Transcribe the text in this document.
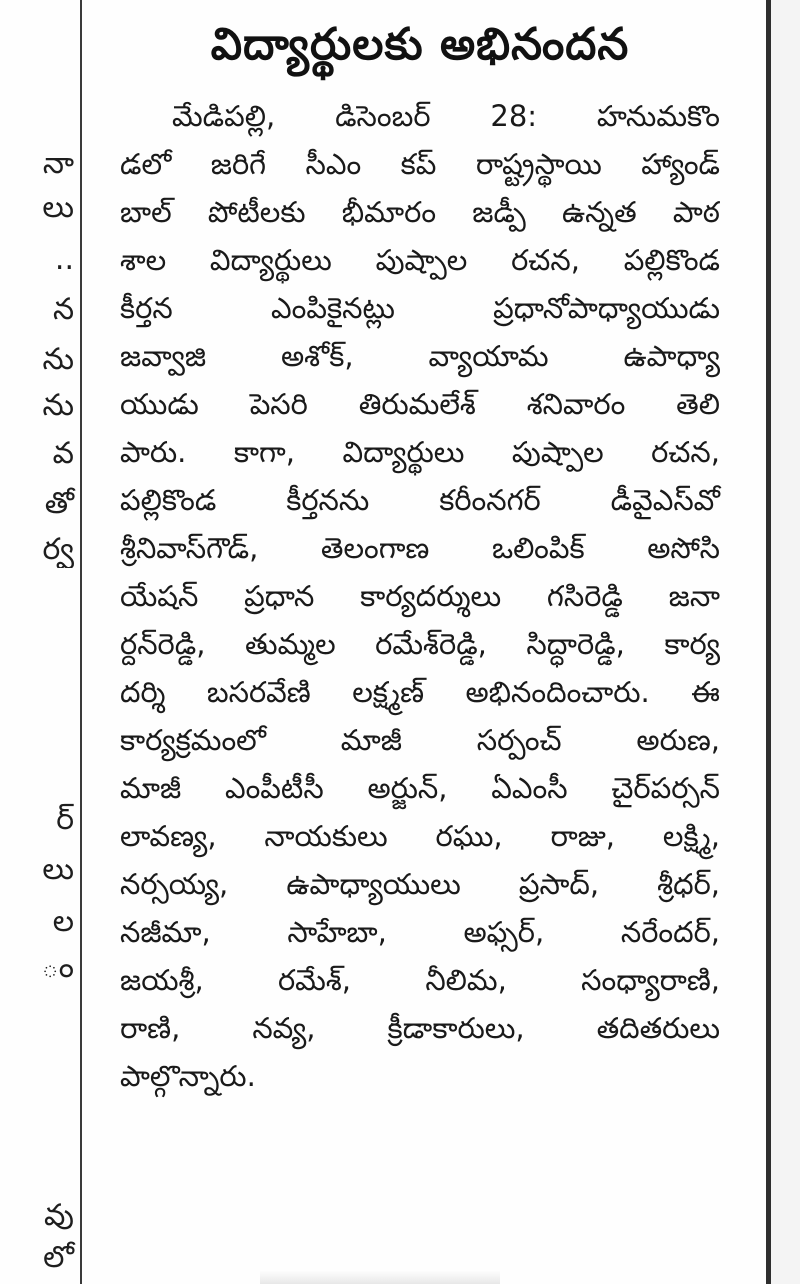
నా
లు
..
న
ను
ను
వ
తో
ర్వ
ర్
లు
ల
ం
వు
లో
విద్యార్థులకు అభినందన
మేడిపల్లి, డిసెంబర్ 28: హనుమకొం
డలో జరిగే సీఎం కప్ రాష్ట్రస్థాయి హ్యాండ్
బాల్ పోటీలకు భీమారం జడ్పీ ఉన్నత పాఠ
శాల విద్యార్థులు పుష్పాల రచన, పల్లికొండ
కీర్తన ఎంపికైనట్లు ప్రధానోపాధ్యాయుడు
జవ్వాజి అశోక్, వ్యాయామ ఉపాధ్యా
యుడు పెసరి తిరుమలేశ్ శనివారం తెలి
పారు. కాగా, విద్యార్థులు పుష్పాల రచన,
పల్లికొండ కీర్తనను కరీంనగర్ డీవైఎస్‌వో
శ్రీనివాస్‌గౌడ్, తెలంగాణ ఒలింపిక్ అసోసి
యేషన్ ప్రధాన కార్యదర్శులు గసిరెడ్డి జనా
ర్దన్‌రెడ్డి, తుమ్మల రమేశ్‌రెడ్డి, సిద్ధారెడ్డి, కార్య
దర్శి బసరవేణి లక్ష్మణ్ అభినందించారు. ఈ
కార్యక్రమంలో మాజీ సర్పంచ్ అరుణ,
మాజీ ఎంపీటీసీ అర్జున్, ఏఎంసీ చైర్‌పర్సన్
లావణ్య, నాయకులు రఘు, రాజు, లక్ష్మి,
నర్సయ్య, ఉపాధ్యాయులు ప్రసాద్, శ్రీధర్,
నజీమా, సాహేబా, అఫ్సర్, నరేందర్,
జయశ్రీ, రమేశ్, నీలిమ, సంధ్యారాణి,
రాణి, నవ్య, క్రీడాకారులు, తదితరులు
పాల్గొన్నారు.
